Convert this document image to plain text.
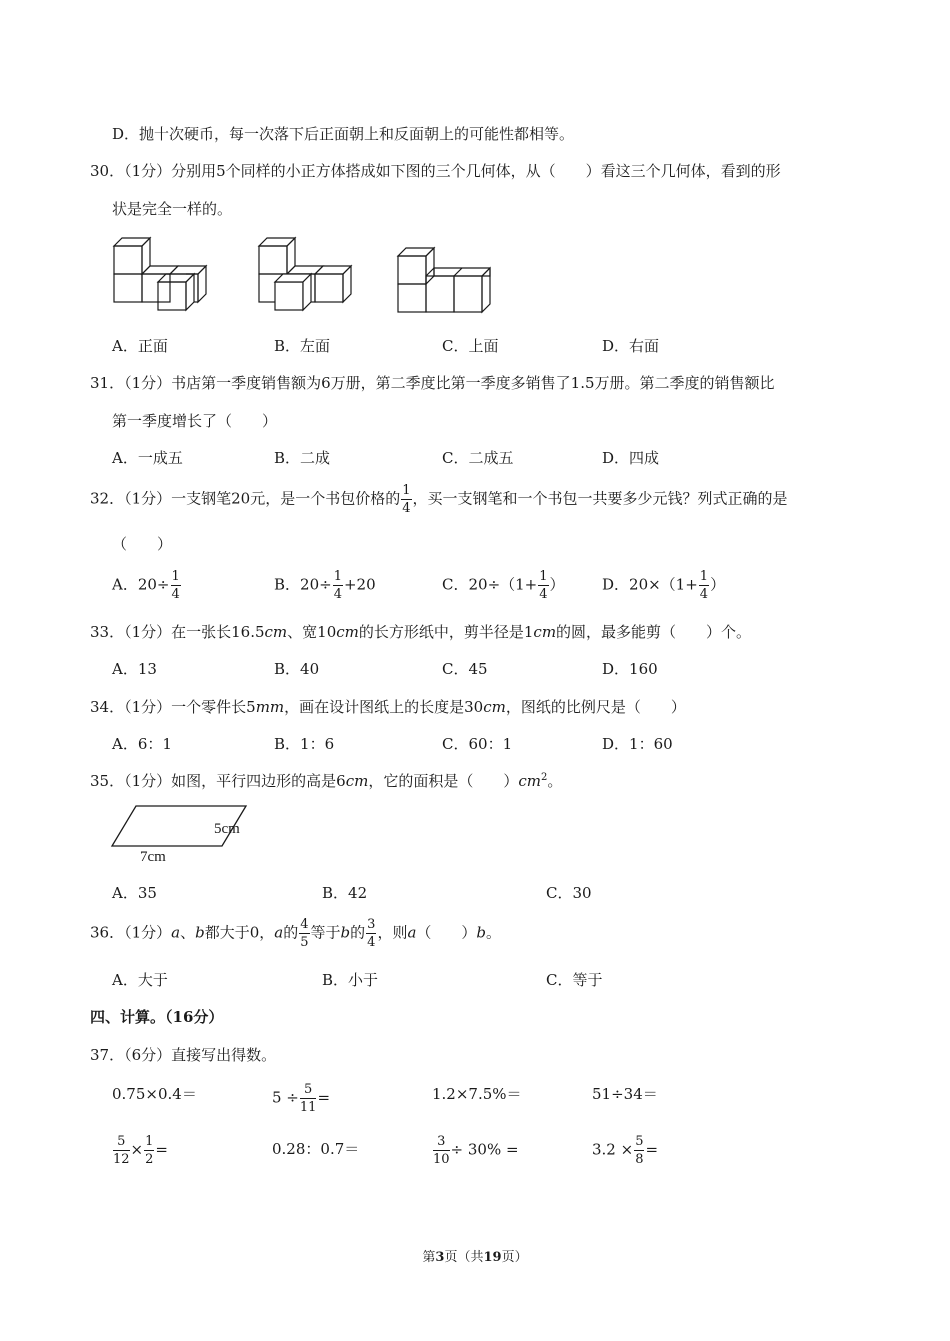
D．抛十次硬币，每一次落下后正面朝上和反面朝上的可能性都相等。
30．（1分）分别用5个同样的小正方体搭成如下图的三个几何体，从（　　）看这三个几何体，看到的形
状是完全一样的。
A．正面	B．左面	C．上面	D．右面
31．（1分）书店第一季度销售额为6万册，第二季度比第一季度多销售了1.5万册。第二季度的销售额比
第一季度增长了（　　）
A．一成五	B．二成	C．二成五	D．四成
32．（1分）一支钢笔20元，是一个书包价格的 $\frac{1}{4}$ ，买一支钢笔和一个书包一共要多少元钱？列式正确的是
（　　）
A．$20\div \frac{1}{4}$	B．$20\div \frac{1}{4} +20$	C．$20\div(1+ \frac{1}{4}$ ） D．$20\times(1+ \frac{1}{4}$ ）
33．（1分）在一张长16.5cm、宽10cm的长方形纸中，剪半径是1cm的圆，最多能剪（　　）个。
A．13	B．40	C．45	D．160
34．（1分）一个零件长5mm，画在设计图纸上的长度是30cm，图纸的比例尺是（　　）
A．6：1	B．1：6	C．60：1	D．1：60
35．（1分）如图，平行四边形的高是6cm，它的面积是（　　）$cm^2$。
5cm
7cm
A．35	B．42	C．30
36．（1分）a、b都大于0，a的 $\frac{4}{5}$ 等于b的 $\frac{3}{4}$ ，则a（　　）b。
A．大于	B．小于	C．等于
四、计算。（16分）
37．（6分）直接写出得数。
0.75×0.4＝	$5 \div \frac{5}{11}$ =	1.2×7.5%＝	51÷34＝
$\frac{5}{12} \times \frac{1}{2}$ =	0.28：0.7＝	$\frac{3}{10} \div 30\%$ =	$3.2 \times \frac{5}{8}$ =
第3页（共19页）
